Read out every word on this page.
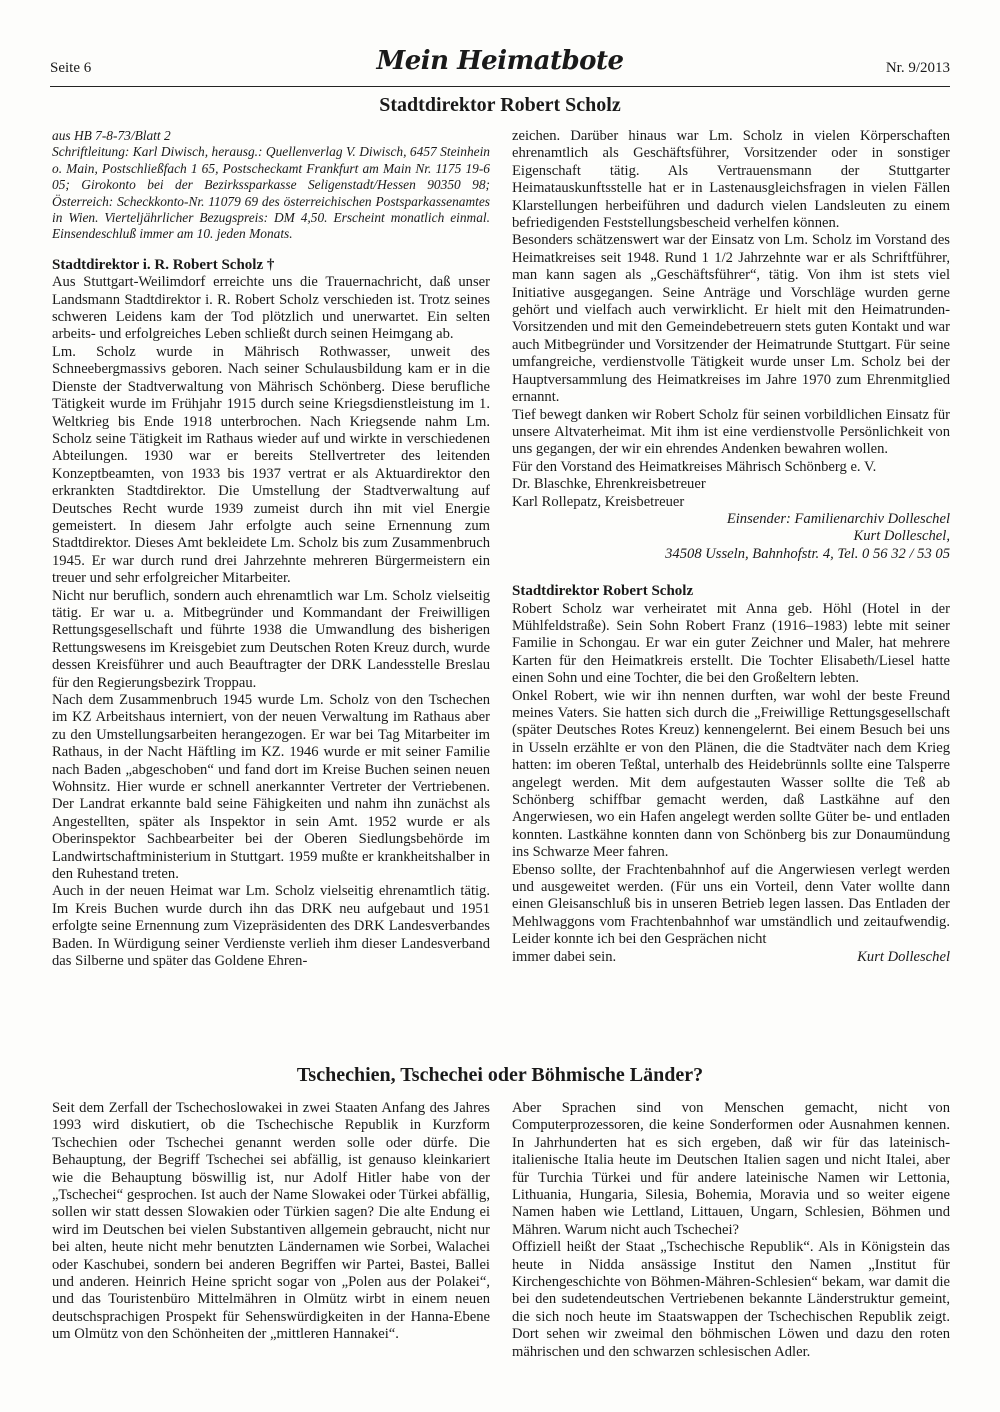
Seite 6	Mein Heimatbote	Nr. 9/2013
Stadtdirektor Robert Scholz

aus HB 7-8-73/Blatt 2
Schriftleitung: Karl Diwisch, herausg.: Quellenverlag V. Diwisch, 6457 Steinhein o. Main, Postschließfach 1 65, Postscheckamt Frankfurt am Main Nr. 1175 19-6 05; Girokonto bei der Bezirkssparkasse Seligenstadt/Hessen 90350 98; Österreich: Scheckkonto-Nr. 11079 69 des österreichischen Postsparkassenamtes in Wien. Vierteljährlicher Bezugspreis: DM 4,50. Erscheint monatlich einmal. Einsendeschluß immer am 10. jeden Monats.

Stadtdirektor i. R. Robert Scholz †

Aus Stuttgart-Weilimdorf erreichte uns die Trauernachricht, daß unser Landsmann Stadtdirektor i. R. Robert Scholz verschieden ist. Trotz seines schweren Leidens kam der Tod plötzlich und unerwartet. Ein selten arbeits- und erfolgreiches Leben schließt durch seinen Heimgang ab.

Lm. Scholz wurde in Mährisch Rothwasser, unweit des Schneebergmassivs geboren. Nach seiner Schulausbildung kam er in die Dienste der Stadtverwaltung von Mährisch Schönberg. Diese berufliche Tätigkeit wurde im Frühjahr 1915 durch seine Kriegsdienstleistung im 1. Weltkrieg bis Ende 1918 unterbrochen. Nach Kriegsende nahm Lm. Scholz seine Tätigkeit im Rathaus wieder auf und wirkte in verschiedenen Abteilungen. 1930 war er bereits Stellvertreter des leitenden Konzeptbeamten, von 1933 bis 1937 vertrat er als Aktuardirektor den erkrankten Stadtdirektor. Die Umstellung der Stadtverwaltung auf Deutsches Recht wurde 1939 zumeist durch ihn mit viel Energie gemeistert. In diesem Jahr erfolgte auch seine Ernennung zum Stadtdirektor. Dieses Amt bekleidete Lm. Scholz bis zum Zusammenbruch 1945. Er war durch rund drei Jahrzehnte mehreren Bürgermeistern ein treuer und sehr erfolgreicher Mitarbeiter.

Nicht nur beruflich, sondern auch ehrenamtlich war Lm. Scholz vielseitig tätig. Er war u. a. Mitbegründer und Kommandant der Freiwilligen Rettungsgesellschaft und führte 1938 die Umwandlung des bisherigen Rettungswesens im Kreisgebiet zum Deutschen Roten Kreuz durch, wurde dessen Kreisführer und auch Beauftragter der DRK Landesstelle Breslau für den Regierungsbezirk Troppau.

Nach dem Zusammenbruch 1945 wurde Lm. Scholz von den Tschechen im KZ Arbeitshaus interniert, von der neuen Verwaltung im Rathaus aber zu den Umstellungsarbeiten herangezogen. Er war bei Tag Mitarbeiter im Rathaus, in der Nacht Häftling im KZ. 1946 wurde er mit seiner Familie nach Baden „abgeschoben“ und fand dort im Kreise Buchen seinen neuen Wohnsitz. Hier wurde er schnell anerkannter Vertreter der Vertriebenen. Der Landrat erkannte bald seine Fähigkeiten und nahm ihn zunächst als Angestellten, später als Inspektor in sein Amt. 1952 wurde er als Oberinspektor Sachbearbeiter bei der Oberen Siedlungsbehörde im Landwirtschaftministerium in Stuttgart. 1959 mußte er krankheitshalber in den Ruhestand treten.

Auch in der neuen Heimat war Lm. Scholz vielseitig ehrenamtlich tätig. Im Kreis Buchen wurde durch ihn das DRK neu aufgebaut und 1951 erfolgte seine Ernennung zum Vizepräsidenten des DRK Landesverbandes Baden. In Würdigung seiner Verdienste verlieh ihm dieser Landesverband das Silberne und später das Goldene Ehren-

zeichen. Darüber hinaus war Lm. Scholz in vielen Körperschaften ehrenamtlich als Geschäftsführer, Vorsitzender oder in sonstiger Eigenschaft tätig. Als Vertrauensmann der Stuttgarter Heimatauskunftsstelle hat er in Lastenausgleichsfragen in vielen Fällen Klarstellungen herbeiführen und dadurch vielen Landsleuten zu einem befriedigenden Feststellungsbescheid verhelfen können.

Besonders schätzenswert war der Einsatz von Lm. Scholz im Vorstand des Heimatkreises seit 1948. Rund 1 1/2 Jahrzehnte war er als Schriftführer, man kann sagen als „Geschäftsführer“, tätig. Von ihm ist stets viel Initiative ausgegangen. Seine Anträge und Vorschläge wurden gerne gehört und vielfach auch verwirklicht. Er hielt mit den Heimatrunden-Vorsitzenden und mit den Gemeindebetreuern stets guten Kontakt und war auch Mitbegründer und Vorsitzender der Heimatrunde Stuttgart. Für seine umfangreiche, verdienstvolle Tätigkeit wurde unser Lm. Scholz bei der Hauptversammlung des Heimatkreises im Jahre 1970 zum Ehrenmitglied ernannt.

Tief bewegt danken wir Robert Scholz für seinen vorbildlichen Einsatz für unsere Altvaterheimat. Mit ihm ist eine verdienstvolle Persönlichkeit von uns gegangen, der wir ein ehrendes Andenken bewahren wollen.

Für den Vorstand des Heimatkreises Mährisch Schönberg e. V.

Dr. Blaschke, Ehrenkreisbetreuer

Karl Rollepatz, Kreisbetreuer

Einsender: Familienarchiv Dolleschel

Kurt Dolleschel,

34508 Usseln, Bahnhofstr. 4, Tel. 0 56 32 / 53 05

Stadtdirektor Robert Scholz

Robert Scholz war verheiratet mit Anna geb. Höhl (Hotel in der Mühlfeldstraße). Sein Sohn Robert Franz (1916–1983) lebte mit seiner Familie in Schongau. Er war ein guter Zeichner und Maler, hat mehrere Karten für den Heimatkreis erstellt. Die Tochter Elisabeth/Liesel hatte einen Sohn und eine Tochter, die bei den Großeltern lebten.

Onkel Robert, wie wir ihn nennen durften, war wohl der beste Freund meines Vaters. Sie hatten sich durch die „Freiwillige Rettungsgesellschaft (später Deutsches Rotes Kreuz) kennengelernt. Bei einem Besuch bei uns in Usseln erzählte er von den Plänen, die die Stadtväter nach dem Krieg hatten: im oberen Teßtal, unterhalb des Heidebrünnls sollte eine Talsperre angelegt werden. Mit dem aufgestauten Wasser sollte die Teß ab Schönberg schiffbar gemacht werden, daß Lastkähne auf den Angerwiesen, wo ein Hafen angelegt werden sollte Güter be- und entladen konnten. Lastkähne konnten dann von Schönberg bis zur Donaumündung ins Schwarze Meer fahren.

Ebenso sollte, der Frachtenbahnhof auf die Angerwiesen verlegt werden und ausgeweitet werden. (Für uns ein Vorteil, denn Vater wollte dann einen Gleisanschluß bis in unseren Betrieb legen lassen. Das Entladen der Mehlwaggons vom Frachtenbahnhof war umständlich und zeitaufwendig. Leider konnte ich bei den Gesprächen nicht

immer dabei sein.	Kurt Dolleschel

Tschechien, Tschechei oder Böhmische Länder?

Seit dem Zerfall der Tschechoslowakei in zwei Staaten Anfang des Jahres 1993 wird diskutiert, ob die Tschechische Republik in Kurzform Tschechien oder Tschechei genannt werden solle oder dürfe. Die Behauptung, der Begriff Tschechei sei abfällig, ist genauso kleinkariert wie die Behauptung böswillig ist, nur Adolf Hitler habe von der „Tschechei“ gesprochen. Ist auch der Name Slowakei oder Türkei abfällig, sollen wir statt dessen Slowakien oder Türkien sagen? Die alte Endung ei wird im Deutschen bei vielen Substantiven allgemein gebraucht, nicht nur bei alten, heute nicht mehr benutzten Ländernamen wie Sorbei, Walachei oder Kaschubei, sondern bei anderen Begriffen wir Partei, Bastei, Ballei und anderen. Heinrich Heine spricht sogar von „Polen aus der Polakei“, und das Touristenbüro Mittelmähren in Olmütz wirbt in einem neuen deutschsprachigen Prospekt für Sehenswürdigkeiten in der Hanna-Ebene um Olmütz von den Schönheiten der „mittleren Hannakei“.

Aber Sprachen sind von Menschen gemacht, nicht von Computerprozessoren, die keine Sonderformen oder Ausnahmen kennen. In Jahrhunderten hat es sich ergeben, daß wir für das lateinisch-italienische Italia heute im Deutschen Italien sagen und nicht Italei, aber für Turchia Türkei und für andere lateinische Namen wir Lettonia, Lithuania, Hungaria, Silesia, Bohemia, Moravia und so weiter eigene Namen haben wie Lettland, Littauen, Ungarn, Schlesien, Böhmen und Mähren. Warum nicht auch Tschechei?

Offiziell heißt der Staat „Tschechische Republik“. Als in Königstein das heute in Nidda ansässige Institut den Namen „Institut für Kirchengeschichte von Böhmen-Mähren-Schlesien“ bekam, war damit die bei den sudetendeutschen Vertriebenen bekannte Länderstruktur gemeint, die sich noch heute im Staatswappen der Tschechischen Republik zeigt. Dort sehen wir zweimal den böhmischen Löwen und dazu den roten mährischen und den schwarzen schlesischen Adler.
